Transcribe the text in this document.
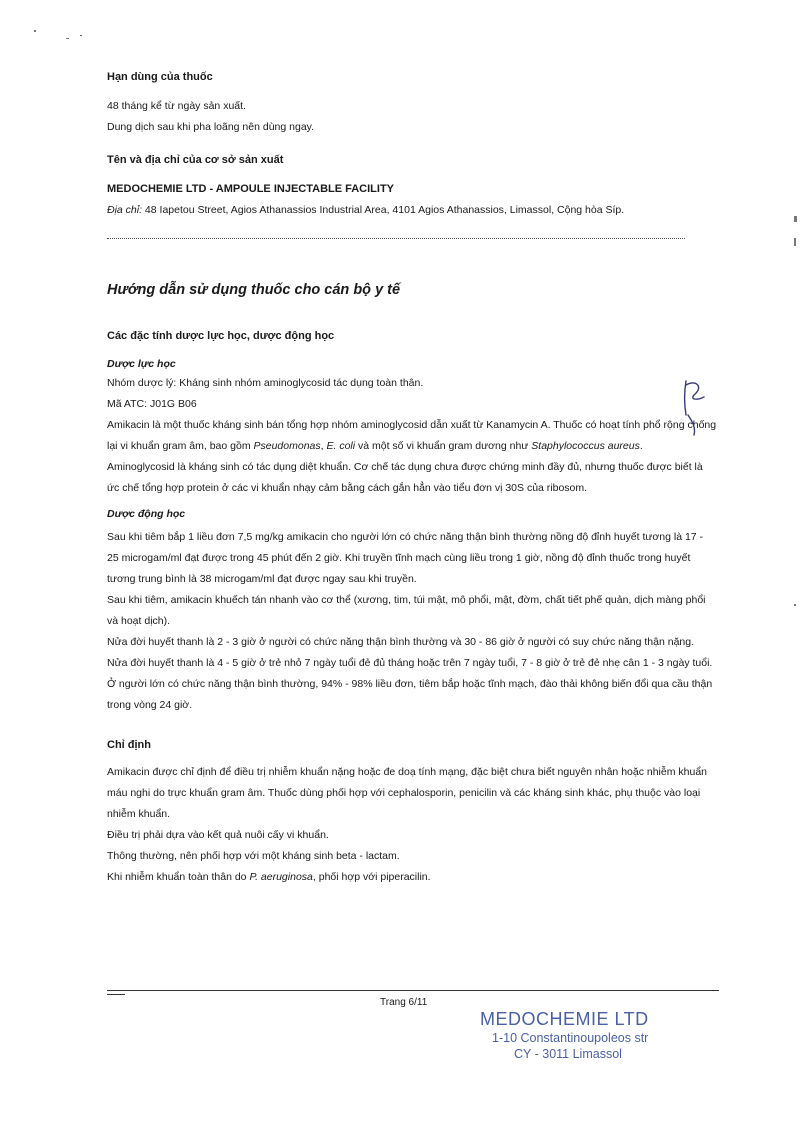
Hạn dùng của thuốc

48 tháng kể từ ngày sản xuất.

Dung dịch sau khi pha loãng nên dùng ngay.

Tên và địa chỉ của cơ sở sản xuất

MEDOCHEMIE LTD - AMPOULE INJECTABLE FACILITY

Địa chỉ: 48 Iapetou Street, Agios Athanassios Industrial Area, 4101 Agios Athanassios, Limassol, Cộng hòa Síp.

Hướng dẫn sử dụng thuốc cho cán bộ y tế

Các đặc tính dược lực học, dược động học

Dược lực học

Nhóm dược lý: Kháng sinh nhóm aminoglycosid tác dụng toàn thân.

Mã ATC: J01G B06

Amikacin là một thuốc kháng sinh bán tổng hợp nhóm aminoglycosid dẫn xuất từ Kanamycin A. Thuốc có hoạt tính phổ rộng chống lại vi khuẩn gram âm, bao gồm Pseudomonas, E. coli và một số vi khuẩn gram dương như Staphylococcus aureus.

Aminoglycosid là kháng sinh có tác dụng diệt khuẩn. Cơ chế tác dụng chưa được chứng minh đầy đủ, nhưng thuốc được biết là ức chế tổng hợp protein ở các vi khuẩn nhạy cảm bằng cách gắn hẳn vào tiểu đơn vị 30S của ribosom.

Dược động học

Sau khi tiêm bắp 1 liều đơn 7,5 mg/kg amikacin cho người lớn có chức năng thận bình thường nồng độ đỉnh huyết tương là 17 - 25 microgam/ml đạt được trong 45 phút đến 2 giờ. Khi truyền tĩnh mạch cùng liều trong 1 giờ, nồng độ đỉnh thuốc trong huyết tương trung bình là 38 microgam/ml đạt được ngay sau khi truyền.

Sau khi tiêm, amikacin khuếch tán nhanh vào cơ thể (xương, tim, túi mật, mô phổi, mật, đờm, chất tiết phế quản, dịch màng phổi và hoạt dịch).

Nửa đời huyết thanh là 2 - 3 giờ ở người có chức năng thận bình thường và 30 - 86 giờ ở người có suy chức năng thận nặng. Nửa đời huyết thanh là 4 - 5 giờ ở trẻ nhỏ 7 ngày tuổi đẻ đủ tháng hoặc trên 7 ngày tuổi, 7 - 8 giờ ở trẻ đẻ nhẹ cân 1 - 3 ngày tuổi.

Ở người lớn có chức năng thận bình thường, 94% - 98% liều đơn, tiêm bắp hoặc tĩnh mạch, đào thải không biến đổi qua cầu thận trong vòng 24 giờ.

Chỉ định

Amikacin được chỉ định để điều trị nhiễm khuẩn nặng hoặc đe doạ tính mạng, đặc biệt chưa biết nguyên nhân hoặc nhiễm khuẩn máu nghi do trực khuẩn gram âm. Thuốc dùng phối hợp với cephalosporin, penicilin và các kháng sinh khác, phụ thuộc vào loại nhiễm khuẩn.

Điều trị phải dựa vào kết quả nuôi cấy vi khuẩn.

Thông thường, nên phối hợp với một kháng sinh beta - lactam.

Khi nhiễm khuẩn toàn thân do P. aeruginosa, phối hợp với piperacilin.

Trang 6/11
MEDOCHEMIE LTD
1-10 Constantinoupoleos str
CY - 3011 Limassol
